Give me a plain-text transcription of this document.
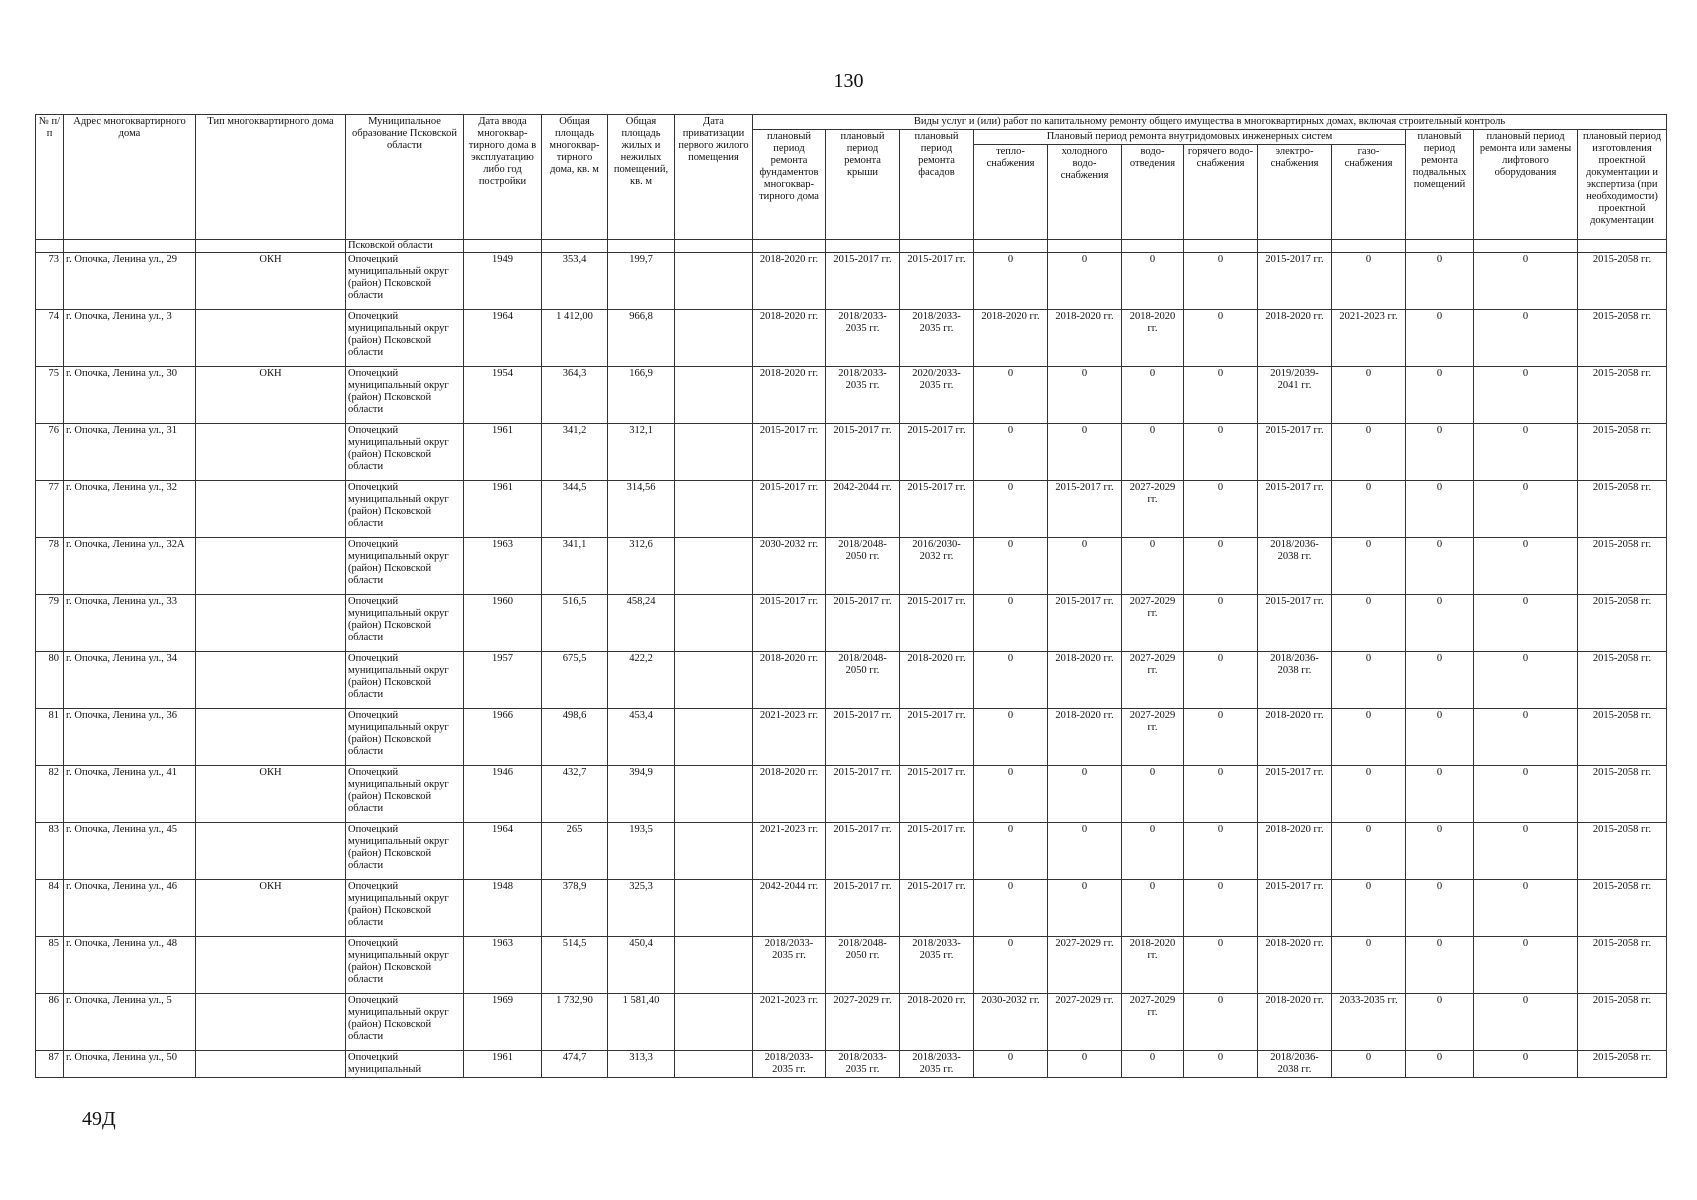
130
№ п/п	Адрес многоквартирного дома	Тип многоквартирного дома	Муниципальное образование Псковской области	Дата ввода многоквар-тирного дома в эксплуатацию либо год постройки	Общая площадь многоквар-тирного дома, кв. м	Общая площадь жилых и нежилых помещений, кв. м	Дата приватизации первого жилого помещения	Виды услуг и (или) работ по капитальному ремонту общего имущества в многоквартирных домах, включая строительный контроль											
								плановый период ремонта фундаментов многоквар-тирного дома	плановый период ремонта крыши	плановый период ремонта фасадов	Плановый период ремонта внутридомовых инженерных систем						плановый период ремонта подвальных помещений	плановый период ремонта или замены лифтового оборудования	плановый период изготовления проектной документации и экспертиза (при необходимости) проектной документации
											тепло-снабжения	холодного водо-снабжения	водо-отведения	горячего водо-снабжения	электро-снабжения	газо-снабжения			
			Псковской области																
73	г. Опочка, Ленина ул., 29	ОКН	Опочецкий муниципальный округ (район) Псковской области	1949	353,4	199,7		2018-2020 гг.	2015-2017 гг.	2015-2017 гг.	0	0	0	0	2015-2017 гг.	0	0	0	2015-2058 гг.
74	г. Опочка, Ленина ул., 3		Опочецкий муниципальный округ (район) Псковской области	1964	1 412,00	966,8		2018-2020 гг.	2018/2033-2035 гг.	2018/2033-2035 гг.	2018-2020 гг.	2018-2020 гг.	2018-2020 гг.	0	2018-2020 гг.	2021-2023 гг.	0	0	2015-2058 гг.
75	г. Опочка, Ленина ул., 30	ОКН	Опочецкий муниципальный округ (район) Псковской области	1954	364,3	166,9		2018-2020 гг.	2018/2033-2035 гг.	2020/2033-2035 гг.	0	0	0	0	2019/2039-2041 гг.	0	0	0	2015-2058 гг.
76	г. Опочка, Ленина ул., 31		Опочецкий муниципальный округ (район) Псковской области	1961	341,2	312,1		2015-2017 гг.	2015-2017 гг.	2015-2017 гг.	0	0	0	0	2015-2017 гг.	0	0	0	2015-2058 гг.
77	г. Опочка, Ленина ул., 32		Опочецкий муниципальный округ (район) Псковской области	1961	344,5	314,56		2015-2017 гг.	2042-2044 гг.	2015-2017 гг.	0	2015-2017 гг.	2027-2029 гг.	0	2015-2017 гг.	0	0	0	2015-2058 гг.
78	г. Опочка, Ленина ул., 32А		Опочецкий муниципальный округ (район) Псковской области	1963	341,1	312,6		2030-2032 гг.	2018/2048-2050 гг.	2016/2030-2032 гг.	0	0	0	0	2018/2036-2038 гг.	0	0	0	2015-2058 гг.
79	г. Опочка, Ленина ул., 33		Опочецкий муниципальный округ (район) Псковской области	1960	516,5	458,24		2015-2017 гг.	2015-2017 гг.	2015-2017 гг.	0	2015-2017 гг.	2027-2029 гг.	0	2015-2017 гг.	0	0	0	2015-2058 гг.
80	г. Опочка, Ленина ул., 34		Опочецкий муниципальный округ (район) Псковской области	1957	675,5	422,2		2018-2020 гг.	2018/2048-2050 гг.	2018-2020 гг.	0	2018-2020 гг.	2027-2029 гг.	0	2018/2036-2038 гг.	0	0	0	2015-2058 гг.
81	г. Опочка, Ленина ул., 36		Опочецкий муниципальный округ (район) Псковской области	1966	498,6	453,4		2021-2023 гг.	2015-2017 гг.	2015-2017 гг.	0	2018-2020 гг.	2027-2029 гг.	0	2018-2020 гг.	0	0	0	2015-2058 гг.
82	г. Опочка, Ленина ул., 41	ОКН	Опочецкий муниципальный округ (район) Псковской области	1946	432,7	394,9		2018-2020 гг.	2015-2017 гг.	2015-2017 гг.	0	0	0	0	2015-2017 гг.	0	0	0	2015-2058 гг.
83	г. Опочка, Ленина ул., 45		Опочецкий муниципальный округ (район) Псковской области	1964	265	193,5		2021-2023 гг.	2015-2017 гг.	2015-2017 гг.	0	0	0	0	2018-2020 гг.	0	0	0	2015-2058 гг.
84	г. Опочка, Ленина ул., 46	ОКН	Опочецкий муниципальный округ (район) Псковской области	1948	378,9	325,3		2042-2044 гг.	2015-2017 гг.	2015-2017 гг.	0	0	0	0	2015-2017 гг.	0	0	0	2015-2058 гг.
85	г. Опочка, Ленина ул., 48		Опочецкий муниципальный округ (район) Псковской области	1963	514,5	450,4		2018/2033-2035 гг.	2018/2048-2050 гг.	2018/2033-2035 гг.	0	2027-2029 гг.	2018-2020 гг.	0	2018-2020 гг.	0	0	0	2015-2058 гг.
86	г. Опочка, Ленина ул., 5		Опочецкий муниципальный округ (район) Псковской области	1969	1 732,90	1 581,40		2021-2023 гг.	2027-2029 гг.	2018-2020 гг.	2030-2032 гг.	2027-2029 гг.	2027-2029 гг.	0	2018-2020 гг.	2033-2035 гг.	0	0	2015-2058 гг.
87	г. Опочка, Ленина ул., 50		Опочецкий муниципальный	1961	474,7	313,3		2018/2033-2035 гг.	2018/2033-2035 гг.	2018/2033-2035 гг.	0	0	0	0	2018/2036-2038 гг.	0	0	0	2015-2058 гг.
49Д
